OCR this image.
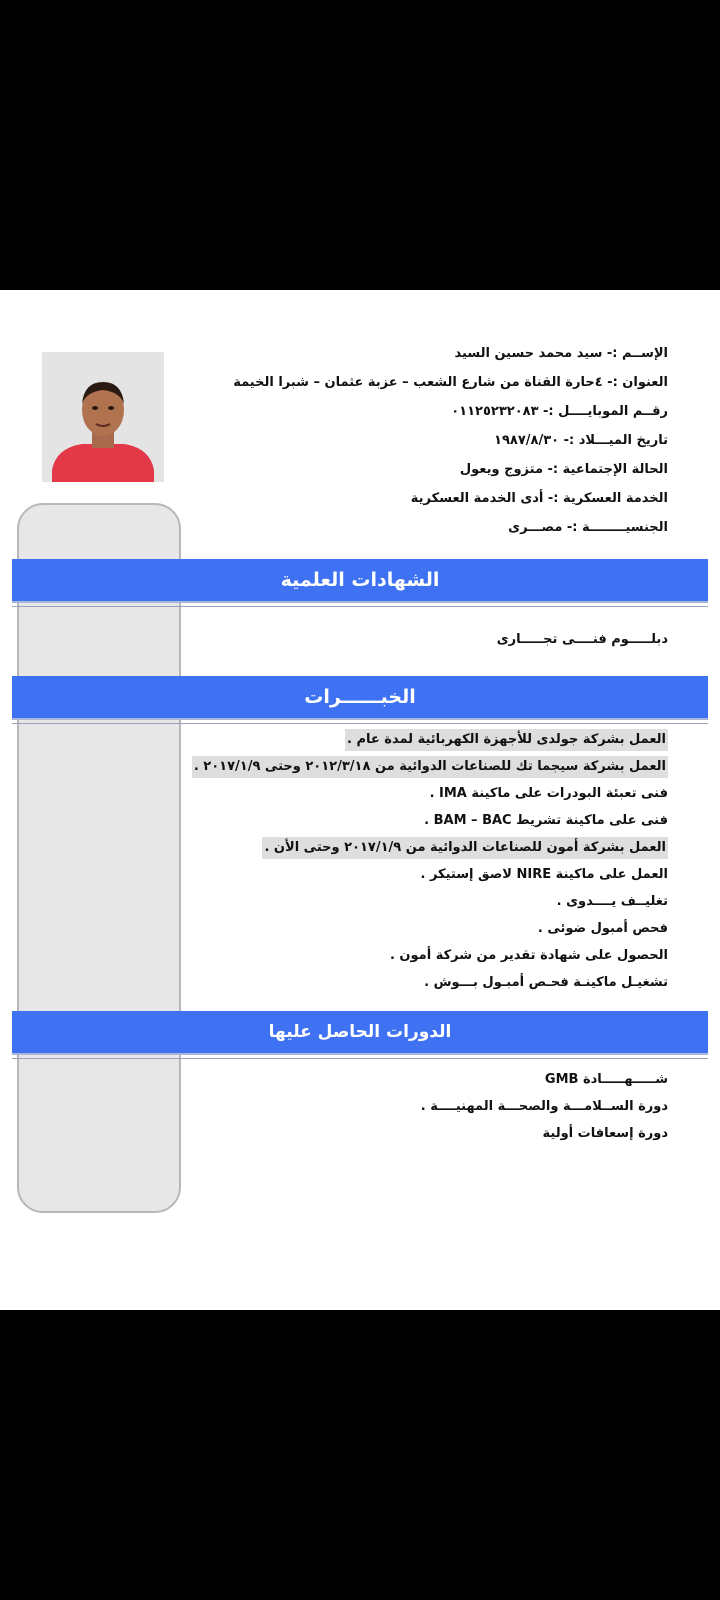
الإســم :- سيد محمد حسين السيد
العنوان :- ٤حارة القناة من شارع الشعب – عزبة عثمان – شبرا الخيمة
رقــم الموبايــــل :- ٠١١٢٥٢٣٢٠٨٣
تاريخ الميـــلاد :- ١٩٨٧/٨/٣٠
الحالة الإجتماعية :- متزوج ويعول
الخدمة العسكرية :- أدى الخدمة العسكرية
الجنسيــــــــة :- مصـــرى
الشهادات العلمية
دبلـــــوم فنــــى تجـــــارى
الخبــــــرات
العمل بشركة جولدى للأجهزة الكهربائية لمدة عام .
العمل بشركة سيجما تك للصناعات الدوائية من ٢٠١٢/٣/١٨ وحتى ٢٠١٧/١/٩ .
فنى تعبئة البودرات على ماكينة IMA .
فنى على ماكينة تشريط BAM – BAC .
العمل بشركة أمون للصناعات الدوائية من ٢٠١٧/١/٩ وحتى الأن .
العمل على ماكينة NIRE لاصق إستيكر .
تغليــف يــــدوى .
فحص أمبول ضوئى .
الحصول على شهادة تقدير من شركة أمون .
تشغيـل ماكينـة فحـص أمبـول بـــوش .
الدورات الحاصل عليها
شـــــهـــــادة GMB
دورة الســلامـــة والصحـــة المهنيــــة .
دورة إسعافات أولية
